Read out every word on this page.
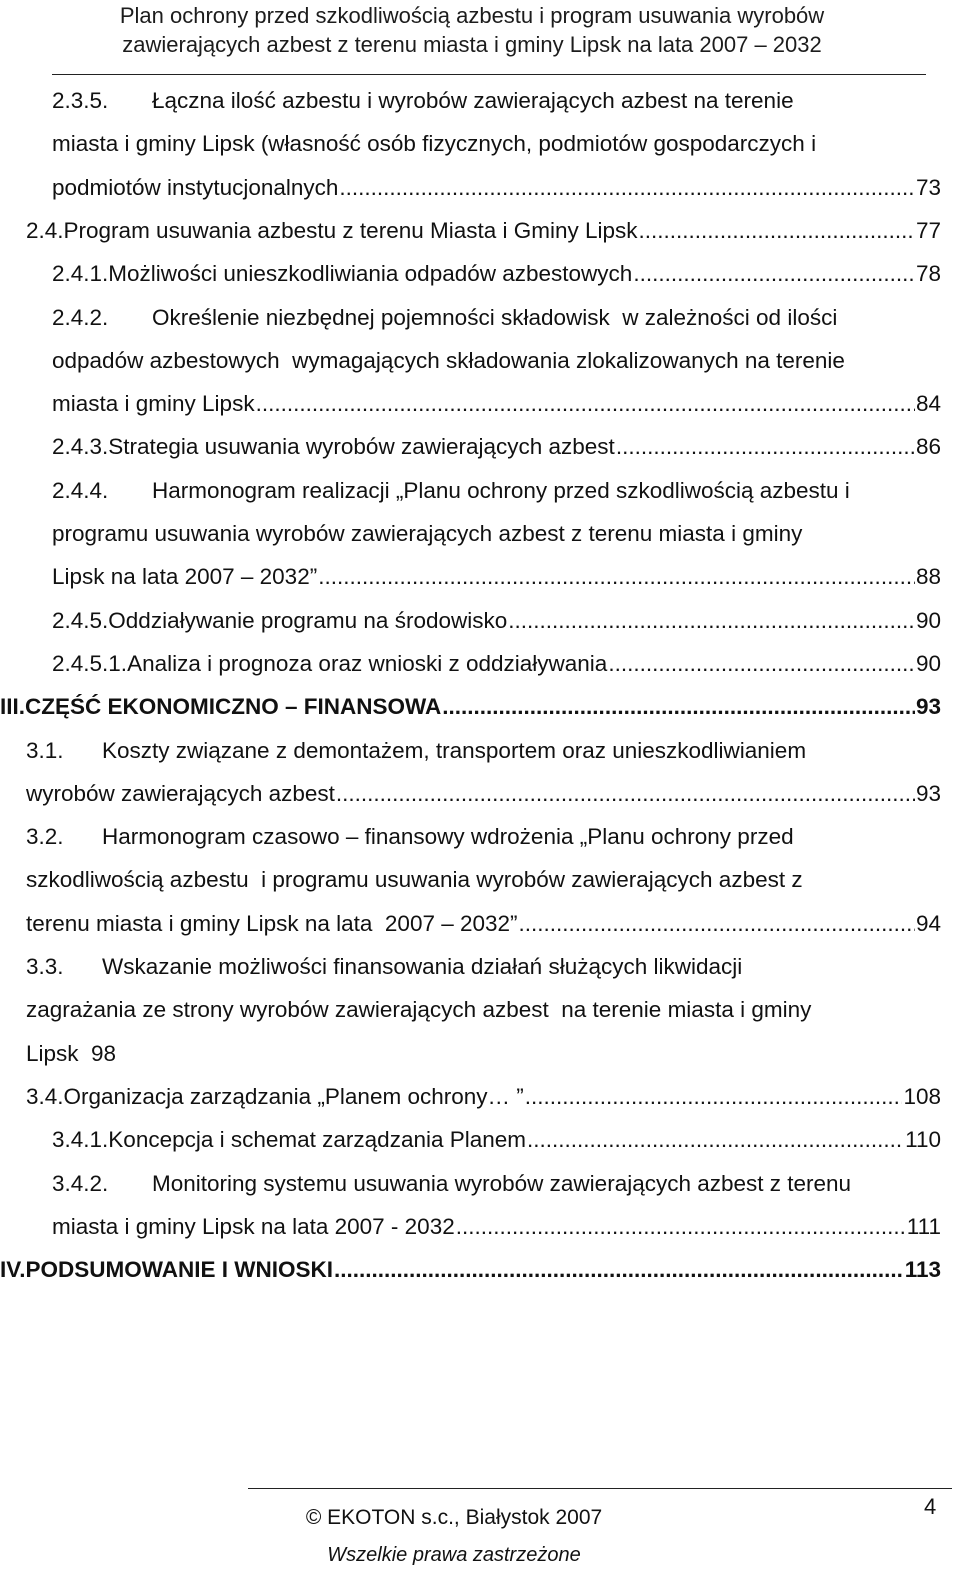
Plan ochrony przed szkodliwością azbestu i program usuwania wyrobów
zawierających azbest z terenu miasta i gminy Lipsk na lata 2007 – 2032
2.3.5.	Łączna ilość azbestu i wyrobów zawierających azbest na terenie
miasta i gminy Lipsk (własność osób fizycznych, podmiotów gospodarczych i
podmiotów instytucjonalnych .....	73
2.4. Program usuwania azbestu z terenu Miasta i Gminy Lipsk .....	77
2.4.1. Możliwości unieszkodliwiania odpadów azbestowych .....	78
2.4.2.	Określenie niezbędnej pojemności składowisk  w zależności od ilości
odpadów azbestowych  wymagających składowania zlokalizowanych na terenie
miasta i gminy Lipsk .....	84
2.4.3. Strategia usuwania wyrobów zawierających azbest .....	86
2.4.4.	Harmonogram realizacji „Planu ochrony przed szkodliwością azbestu i
programu usuwania wyrobów zawierających azbest z terenu miasta i gminy
Lipsk na lata 2007 – 2032” .....	88
2.4.5. Oddziaływanie programu na środowisko .....	90
2.4.5.1. Analiza i prognoza oraz wnioski z oddziaływania .....	90
III. CZĘŚĆ EKONOMICZNO – FINANSOWA .....	93
3.1.	Koszty związane z demontażem, transportem oraz unieszkodliwianiem
wyrobów zawierających azbest .....	93
3.2.	Harmonogram czasowo – finansowy wdrożenia „Planu ochrony przed
szkodliwością azbestu  i programu usuwania wyrobów zawierających azbest z
terenu miasta i gminy Lipsk na lata  2007 – 2032” .....	94
3.3.	Wskazanie możliwości finansowania działań służących likwidacji
zagrażania ze strony wyrobów zawierających azbest  na terenie miasta i gminy
Lipsk  98
3.4. Organizacja zarządzania „Planem ochrony… ” .....	108
3.4.1. Koncepcja i schemat zarządzania Planem .....	110
3.4.2.	Monitoring systemu usuwania wyrobów zawierających azbest z terenu
miasta i gminy Lipsk na lata 2007 - 2032 .....	111
IV. PODSUMOWANIE I WNIOSKI .....	113
4
© EKOTON s.c., Białystok 2007
Wszelkie prawa zastrzeżone
